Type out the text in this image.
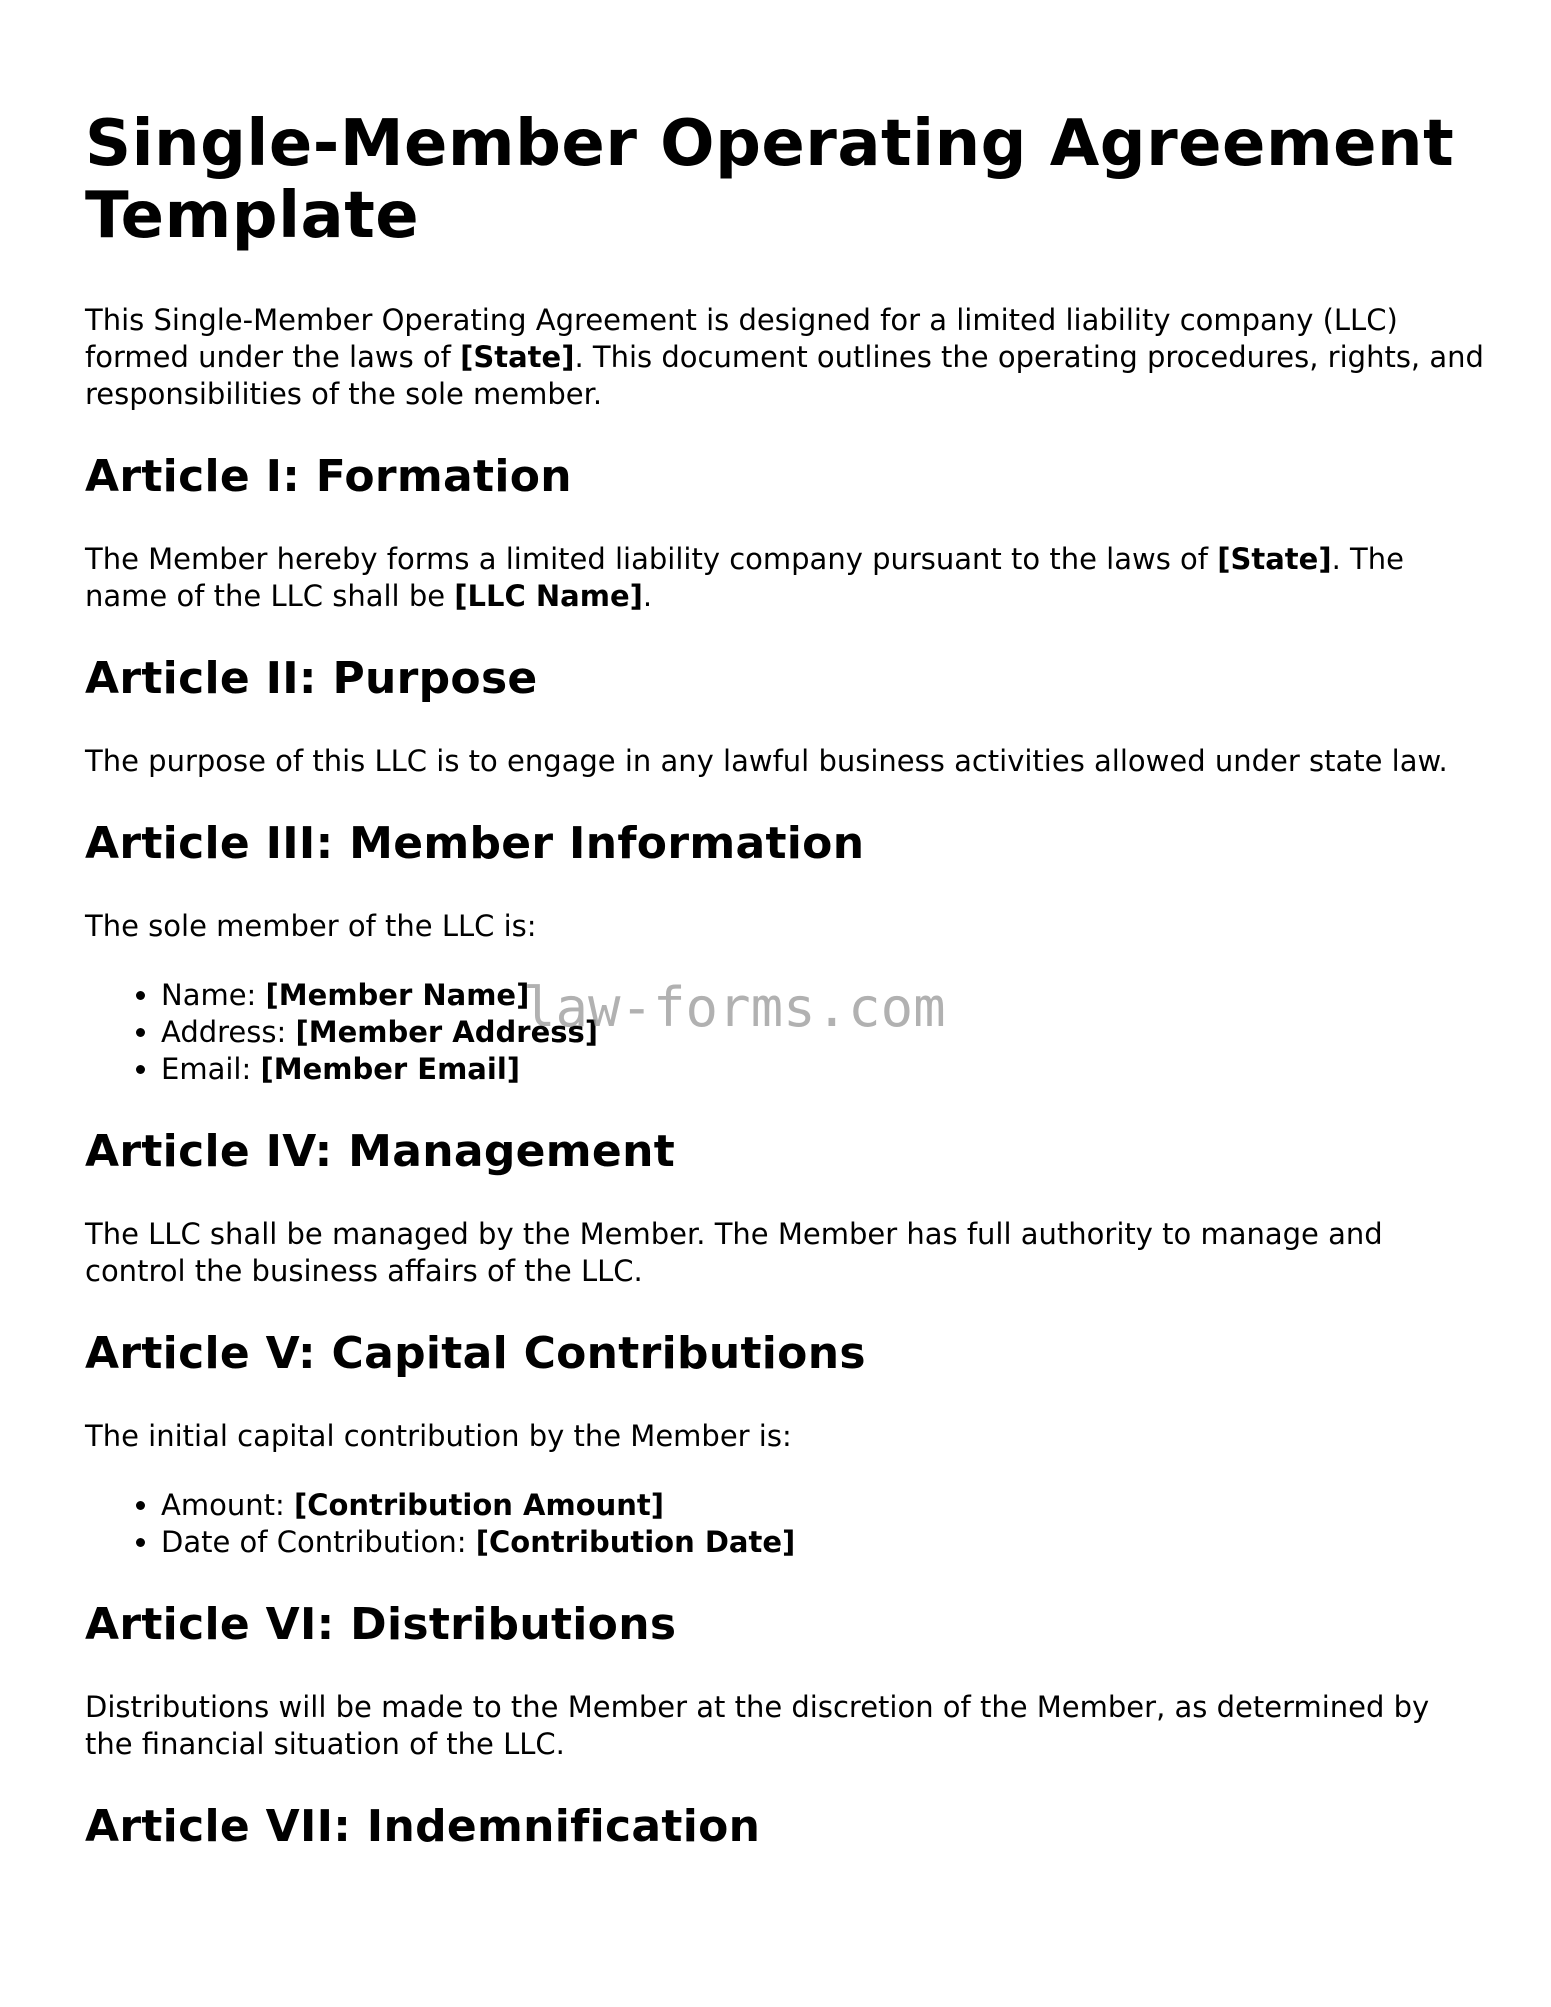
Single-Member Operating Agreement Template

This Single-Member Operating Agreement is designed for a limited liability company (LLC) formed under the laws of [State]. This document outlines the operating procedures, rights, and responsibilities of the sole member.

Article I: Formation

The Member hereby forms a limited liability company pursuant to the laws of [State]. The name of the LLC shall be [LLC Name].

Article II: Purpose

The purpose of this LLC is to engage in any lawful business activities allowed under state law.

Article III: Member Information

The sole member of the LLC is:

• Name: [Member Name]
• Address: [Member Address]
• Email: [Member Email]
Article IV: Management

The LLC shall be managed by the Member. The Member has full authority to manage and control the business affairs of the LLC.

Article V: Capital Contributions

The initial capital contribution by the Member is:

• Amount: [Contribution Amount]
• Date of Contribution: [Contribution Date]
Article VI: Distributions

Distributions will be made to the Member at the discretion of the Member, as determined by the financial situation of the LLC.

Article VII: Indemnification
law-forms.com
